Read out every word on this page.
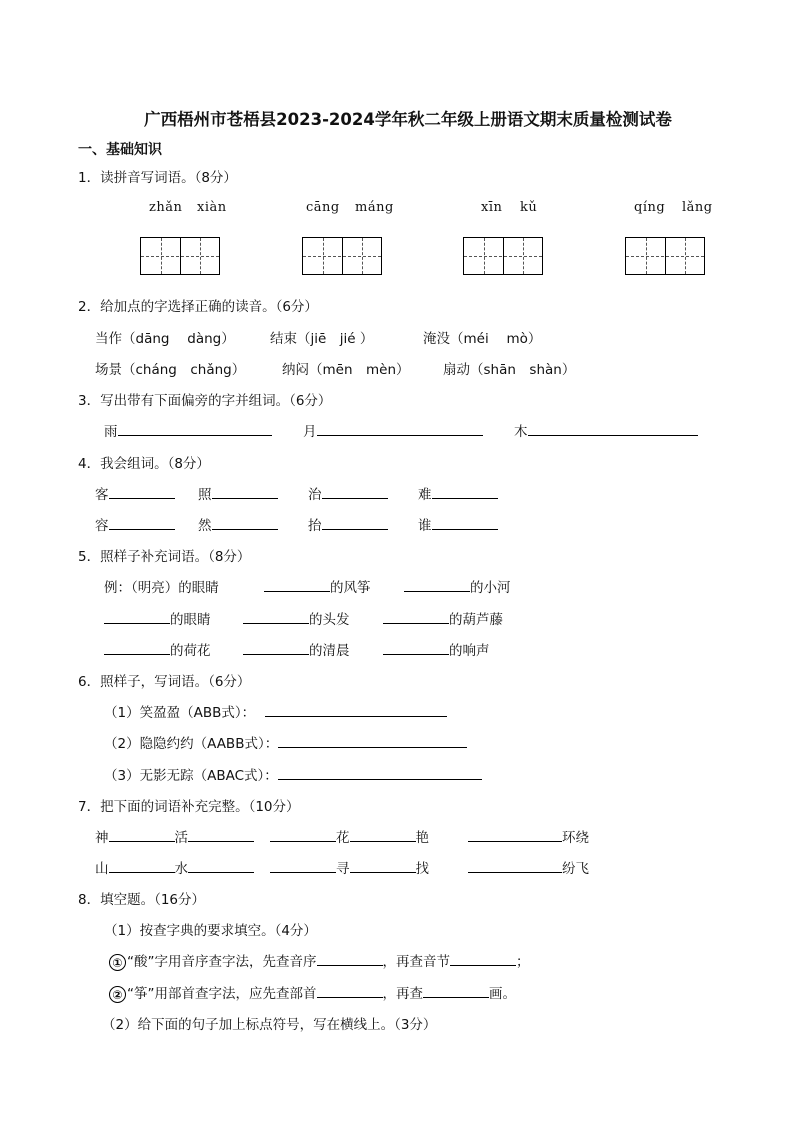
广西梧州市苍梧县2023-2024学年秋二年级上册语文期末质量检测试卷
一、基础知识
1．读拼音写词语。（8分）
zhǎn xiàn	cāng máng	xīn kǔ	qíng lǎng
2．给加点的字选择正确的读音。（6分）
当作（dāng　 dàng）	结束（jiē　jié ）	淹没（méi　 mò）
场景（cháng　chǎng）	纳闷（mēn　mèn） 扇动（shān　shàn）
3．写出带有下面偏旁的字并组词。（6分）
雨	月	木
4．我会组词。（8分）
客	照	治	难
容	然	抬	谁
5．照样子补充词语。（8分）
例：（明亮）的眼睛	的风筝	的小河
的眼睛	的头发	的葫芦藤
的荷花	的清晨	的响声
6．照样子，写词语。（6分）
（1）笑盈盈（ABB式）：
（2）隐隐约约（AABB式）：
（3）无影无踪（ABAC式）：
7．把下面的词语补充完整。（10分）
神	活	花	艳	环绕
山	水	寻	找	纷飞
8．填空题。（16分）
（1）按查字典的要求填空。（4分）
① “酸”字用音序查字法，先查音序	，再查音节	；
② “筝”用部首查字法，应先查部首	，再查	画。
（2）给下面的句子加上标点符号，写在横线上。（3分）
